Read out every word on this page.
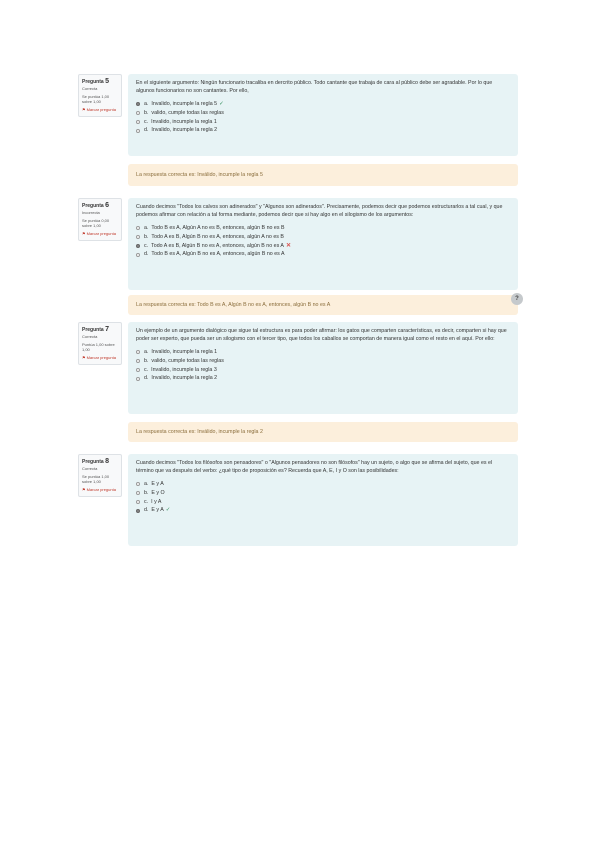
Pregunta 5
Correcta
Se puntúa 1,00 sobre 1,00
⚑Marcar pregunta

En el siguiente argumento: Ningún funcionario tracaliba en dercrito público. Todo cantante que trabaja de cara al público debe ser agradable. Por lo que algunos funcionarios no son cantantes. Por ello,

a. Invalido, incumple la regla 5 ✓
b. valido, cumple todas las reglas
c. Invalido, incumple la regla 1
d. Invalido, incumple la regla 2
La respuesta correcta es: Inválido, incumple la regla 5
Pregunta 6
Incorrecta
Se puntúa 0,00 sobre 1,00
⚑Marcar pregunta

Cuando decimos "Todos los calvos son adinerados" y "Algunos son adinerados". Precisamente, podemos decir que podemos estructurarlos a tal cual, y que podemos afirmar con relación a tal forma mediante, podemos decir que si hay algo en el silogismo de los argumentos:

a. Todo B es A, Algún A no es B, entonces, algún B no es B
b. Todo A es B, Algún B no es A, entonces, algún A no es B
c. Todo A es B, Algún B no es A, entonces, algún B no es A ✕
d. Todo B es A, Algún B no es A, entonces, algún B no es A
La respuesta correcta es: Todo B es A, Algún B no es A, entonces, algún B no es A
?
Pregunta 7
Correcta
Puntúa 1,00 sobre 1,00
⚑Marcar pregunta

Un ejemplo de un argumento dialógico que sigue tal estructura es para poder afirmar: los gatos que comparten características, es decir, comparten si hay que poder ser experto, que pueda ser un silogismo con el tercer tipo, que todos los caballos se comportan de manera igual como el resto en el aquí. Por ello:

a. Invalido, incumple la regla 1
b. valido, cumple todas las reglas
c. Invalido, incumple la regla 3
d. Invalido, incumple la regla 2
La respuesta correcta es: Inválido, incumple la regla 2
Pregunta 8
Correcta
Se puntúa 1,00 sobre 1,00
⚑Marcar pregunta

Cuando decimos "Todos los filósofos son pensadores" o "Algunos pensadores no son filósofos" hay un sujeto, o algo que se afirma del sujeto, que es el término que va después del verbo: ¿qué tipo de proposición es? Recuerda que A, E, I y O son las posibilidades:

a. E y A
b. E y O
c. I y A
d. E y A ✓
